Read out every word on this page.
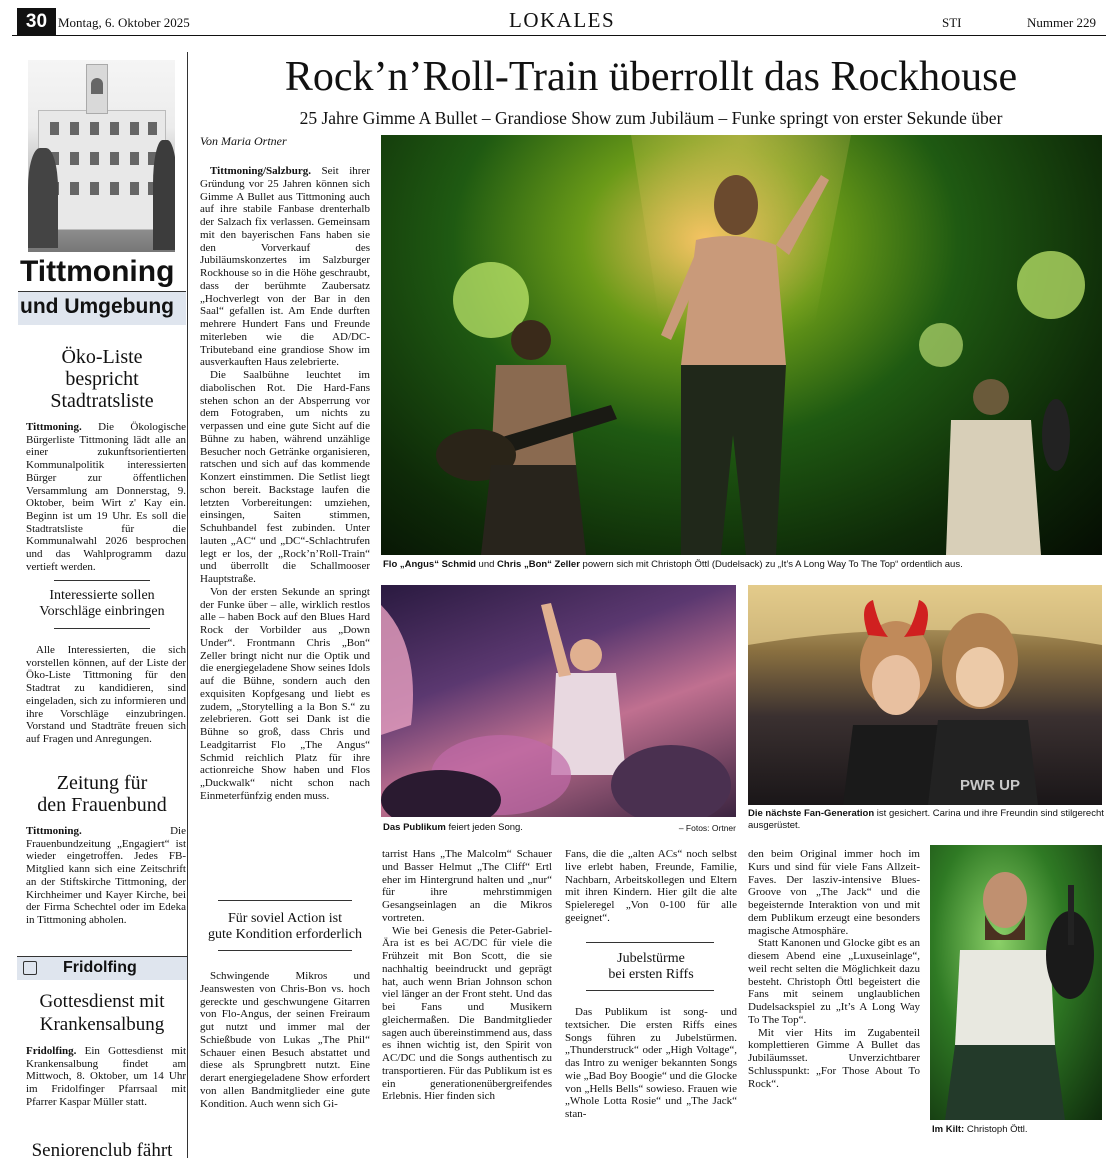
30 Montag, 6. Oktober 2025	LOKALES	STI	Nummer 229
Tittmoning
und Umgebung
Öko-Liste
bespricht
Stadtratsliste
Tittmoning. Die Ökologische Bürgerliste Tittmoning lädt alle an einer zukunftsorientierten Kommunalpolitik interessierten Bürger zur öffentlichen Versammlung am Donnerstag, 9. Oktober, beim Wirt z' Kay ein. Beginn ist um 19 Uhr. Es soll die Stadtratsliste für die Kommunalwahl 2026 besprochen und das Wahlprogramm dazu vertieft werden.
Interessierte sollen
Vorschläge einbringen
Alle Interessierten, die sich vorstellen können, auf der Liste der Öko-Liste Tittmoning für den Stadtrat zu kandidieren, sind eingeladen, sich zu informieren und ihre Vorschläge einzubringen. Vorstand und Stadträte freuen sich auf Fragen und Anregungen.
Zeitung für
den Frauenbund
Tittmoning.	Die Frauenbundzeitung „Engagiert“ ist wieder eingetroffen. Jedes FB-Mitglied kann sich eine Zeitschrift an der Stiftskirche Tittmoning, der Kirchheimer und Kayer Kirche, bei der Firma Schechtel oder im Edeka in Tittmoning abholen.
Fridolfing
Gottesdienst mit
Krankensalbung
Fridolfing. Ein Gottesdienst mit Krankensalbung findet am Mittwoch, 8. Oktober, um 14 Uhr im Fridolfinger Pfarrsaal mit Pfarrer Kaspar Müller statt.
Seniorenclub fährt
Rock’n’Roll-Train überrollt das Rockhouse
25 Jahre Gimme A Bullet – Grandiose Show zum Jubiläum – Funke springt von erster Sekunde über
Von Maria Ortner

Tittmoning/Salzburg. Seit ihrer Gründung vor 25 Jahren können sich Gimme A Bullet aus Tittmoning auch auf ihre stabile Fanbase drenterhalb der Salzach fix verlassen. Gemeinsam mit den bayerischen Fans haben sie den Vorverkauf des Jubiläumskonzertes im Salzburger Rockhouse so in die Höhe geschraubt, dass der berühmte Zaubersatz „Hochverlegt von der Bar in den Saal“ gefallen ist. Am Ende durften mehrere Hundert Fans und Freunde miterleben wie die AD/DC-Tributeband eine grandiose Show im ausverkauften Haus zelebrierte.

Die Saalbühne leuchtet im diabolischen Rot. Die Hard-Fans stehen schon an der Absperrung vor dem Fotograben, um nichts zu verpassen und eine gute Sicht auf die Bühne zu haben, während unzählige Besucher noch Getränke organisieren, ratschen und sich auf das kommende Konzert einstimmen. Die Setlist liegt schon bereit. Backstage laufen die letzten Vorbereitungen: umziehen, einsingen, Saiten stimmen, Schuhbandel fest zubinden. Unter lauten „AC“ und „DC“-Schlachtrufen legt er los, der „Rock’n’Roll-Train“ und überrollt die Schallmooser Hauptstraße.

Von der ersten Sekunde an springt der Funke über – alle, wirklich restlos alle – haben Bock auf den Blues Hard Rock der Vorbilder aus „Down Under“. Frontmann Chris „Bon“ Zeller bringt nicht nur die Optik und die energiegeladene Show seines Idols auf die Bühne, sondern auch den exquisiten Kopfgesang und liebt es zudem, „Storytelling a la Bon S.“ zu zelebrieren. Gott sei Dank ist die Bühne so groß, dass Chris und Leadgitarrist Flo „The Angus“ Schmid reichlich Platz für ihre actionreiche Show haben und Flos „Duckwalk“ nicht schon nach Einmeterfünfzig enden muss.

Für soviel Action ist
gute Kondition erforderlich

Schwingende Mikros und Jeanswesten von Chris-Bon vs. hoch gereckte und geschwungene Gitarren von Flo-Angus, der seinen Freiraum gut nutzt und immer mal der Schießbude von Lukas „The Phil“ Schauer einen Besuch abstattet und diese als Sprungbrett nutzt. Eine derart energiegeladene Show erfordert von allen Bandmitglieder eine gute Kondition. Auch wenn sich Gi-

Flo „Angus“ Schmid und Chris „Bon“ Zeller powern sich mit Christoph Öttl (Dudelsack) zu „It’s A Long Way To The Top“ ordentlich aus.
Das Publikum feiert jeden Song.	– Fotos: Ortner
PWR UP
Die nächste Fan-Generation ist gesichert. Carina und ihre Freundin sind stilgerecht ausgerüstet.

tarrist Hans „The Malcolm“ Schauer und Basser Helmut „The Cliff“ Ertl eher im Hintergrund halten und „nur“ für ihre mehrstimmigen Gesangseinlagen an die Mikros vortreten.

Wie bei Genesis die Peter-Gabriel-Ära ist es bei AC/DC für viele die Frühzeit mit Bon Scott, die sie nachhaltig beeindruckt und geprägt hat, auch wenn Brian Johnson schon viel länger an der Front steht. Und das bei Fans und Musikern gleichermaßen. Die Bandmitglieder sagen auch übereinstimmend aus, dass es ihnen wichtig ist, den Spirit von AC/DC und die Songs authentisch zu transportieren. Für das Publikum ist es ein generationenübergreifendes Erlebnis. Hier finden sich

Fans, die die „alten ACs“ noch selbst live erlebt haben, Freunde, Familie, Nachbarn, Arbeitskollegen und Eltern mit ihren Kindern. Hier gilt die alte Spieleregel „Von 0-100 für alle geeignet“.

Jubelstürme
bei ersten Riffs

Das Publikum ist song- und textsicher. Die ersten Riffs eines Songs führen zu Jubelstürmen. „Thunderstruck“ oder „High Voltage“, das Intro zu weniger bekannten Songs wie „Bad Boy Boogie“ und die Glocke von „Hells Bells“ sowieso. Frauen wie „Whole Lotta Rosie“ und „The Jack“ stan-

den beim Original immer hoch im Kurs und sind für viele Fans Allzeit-Faves. Der lasziv-intensive Blues-Groove von „The Jack“ und die begeisternde Interaktion von und mit dem Publikum erzeugt eine besonders magische Atmosphäre.

Statt Kanonen und Glocke gibt es an diesem Abend eine „Luxuseinlage“, weil recht selten die Möglichkeit dazu besteht. Christoph Öttl begeistert die Fans mit seinem unglaublichen Dudelsackspiel zu „It’s A Long Way To The Top“.

Mit vier Hits im Zugabenteil komplettieren Gimme A Bullet das Jubiläumsset. Unverzichtbarer Schlusspunkt: „For Those About To Rock“.

Im Kilt: Christoph Öttl.
